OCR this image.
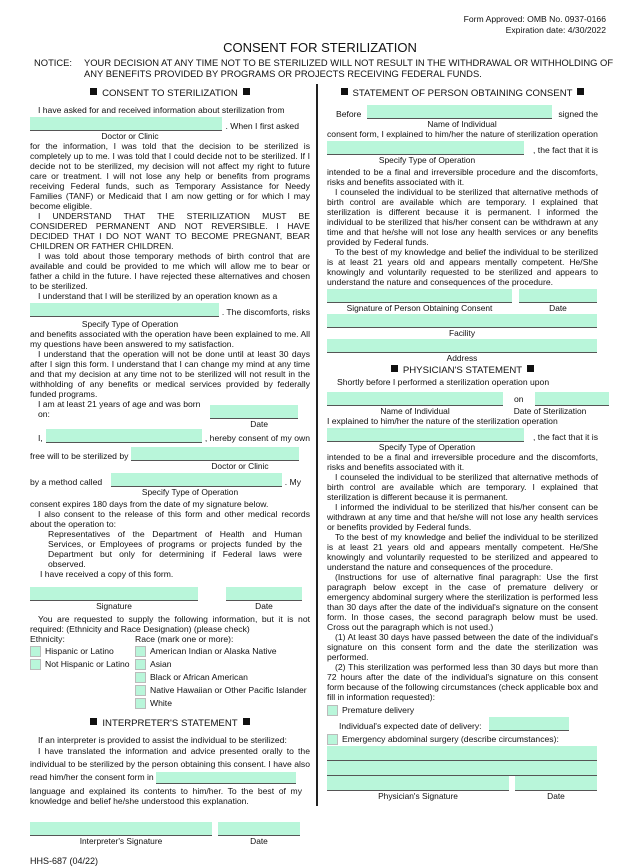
Form Approved: OMB No. 0937-0166
Expiration date: 4/30/2022
CONSENT FOR STERILIZATION
NOTICE:	YOUR DECISION AT ANY TIME NOT TO BE STERILIZED WILL NOT RESULT IN THE WITHDRAWAL OR WITHHOLDING OF ANY BENEFITS PROVIDED BY PROGRAMS OR PROJECTS RECEIVING FEDERAL FUNDS.
CONSENT TO STERILIZATION

I have asked for and received information about sterilization from

. When I first asked
Doctor or Clinic

for the information, I was told that the decision to be sterilized is completely up to me. I was told that I could decide not to be sterilized. If I decide not to be sterilized, my decision will not affect my right to future care or treatment. I will not lose any help or benefits from programs receiving Federal funds, such as Temporary Assistance for Needy Families (TANF) or Medicaid that I am now getting or for which I may become eligible.

I UNDERSTAND THAT THE STERILIZATION MUST BE CONSIDERED PERMANENT AND NOT REVERSIBLE. I HAVE DECIDED THAT I DO NOT WANT TO BECOME PREGNANT, BEAR CHILDREN OR FATHER CHILDREN.

I was told about those temporary methods of birth control that are available and could be provided to me which will allow me to bear or father a child in the future. I have rejected these alternatives and chosen to be sterilized.

I understand that I will be sterilized by an operation known as a

. The discomforts, risks
Specify Type of Operation

and benefits associated with the operation have been explained to me. All my questions have been answered to my satisfaction.

I understand that the operation will not be done until at least 30 days after I sign this form. I understand that I can change my mind at any time and that my decision at any time not to be sterilized will not result in the withholding of any benefits or medical services provided by federally funded programs.

I am at least 21 years of age and was born on:
Date
I,	, hereby consent of my own
free will to be sterilized by
Doctor or Clinic
by a method called	. My
Specify Type of Operation

consent expires 180 days from the date of my signature below.

I also consent to the release of this form and other medical records about the operation to:

Representatives of the Department of Health and Human Services, or Employees of programs or projects funded by the Department but only for determining if Federal laws were observed.

I have received a copy of this form.

Signature	Date

You are requested to supply the following information, but it is not required: (Ethnicity and Race Designation) (please check)

Ethnicity:
Hispanic or Latino
Not Hispanic or Latino
Race (mark one or more):
American Indian or Alaska Native
Asian
Black or African American
Native Hawaiian or Other Pacific Islander
White
INTERPRETER'S STATEMENT

If an interpreter is provided to assist the individual to be sterilized:

I have translated the information and advice presented orally to the individual to be sterilized by the person obtaining this consent. I have also read him/her the consent form in

language and explained its contents to him/her. To the best of my knowledge and belief he/she understood this explanation.

Interpreter's Signature	Date
HHS-687 (04/22)
STATEMENT OF PERSON OBTAINING CONSENT
Before	signed the
Name of Individual

consent form, I explained to him/her the nature of sterilization operation

, the fact that it is
Specify Type of Operation

intended to be a final and irreversible procedure and the discomforts, risks and benefits associated with it.

I counseled the individual to be sterilized that alternative methods of birth control are available which are temporary. I explained that sterilization is different because it is permanent. I informed the individual to be sterilized that his/her consent can be withdrawn at any time and that he/she will not lose any health services or any benefits provided by Federal funds.

To the best of my knowledge and belief the individual to be sterilized is at least 21 years old and appears mentally competent. He/She knowingly and voluntarily requested to be sterilized and appears to understand the nature and consequences of the procedure.

Signature of Person Obtaining Consent	Date
Facility
Address
PHYSICIAN'S STATEMENT

Shortly before I performed a sterilization operation upon

on
Name of Individual	Date of Sterilization

I explained to him/her the nature of the sterilization operation

, the fact that it is
Specify Type of Operation

intended to be a final and irreversible procedure and the discomforts, risks and benefits associated with it.

I counseled the individual to be sterilized that alternative methods of birth control are available which are temporary. I explained that sterilization is different because it is permanent.

I informed the individual to be sterilized that his/her consent can be withdrawn at any time and that he/she will not lose any health services or benefits provided by Federal funds.

To the best of my knowledge and belief the individual to be sterilized is at least 21 years old and appears mentally competent. He/She knowingly and voluntarily requested to be sterilized and appeared to understand the nature and consequences of the procedure.

(Instructions for use of alternative final paragraph: Use the first paragraph below except in the case of premature delivery or emergency abdominal surgery where the sterilization is performed less than 30 days after the date of the individual's signature on the consent form. In those cases, the second paragraph below must be used. Cross out the paragraph which is not used.)

(1) At least 30 days have passed between the date of the individual's signature on this consent form and the date the sterilization was performed.

(2) This sterilization was performed less than 30 days but more than 72 hours after the date of the individual's signature on this consent form because of the following circumstances (check applicable box and fill in information requested):

Premature delivery
Individual's expected date of delivery:
Emergency abdominal surgery (describe circumstances):
Physician's Signature	Date
